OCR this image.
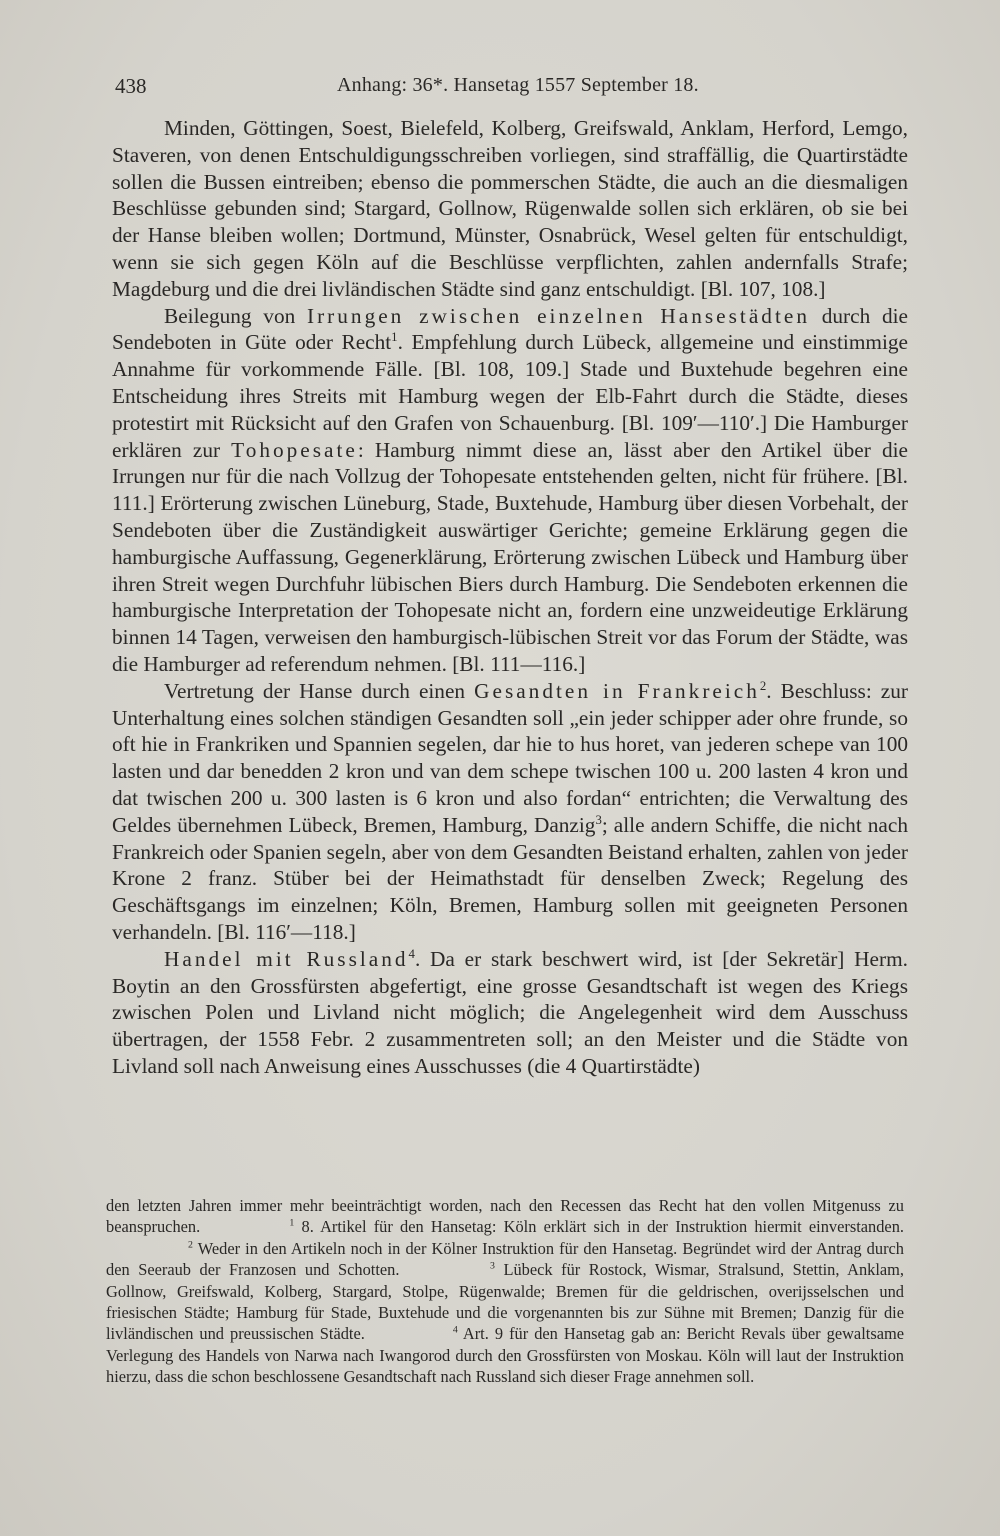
438	Anhang: 36*. Hansetag 1557 September 18.

Minden, Göttingen, Soest, Bielefeld, Kolberg, Greifswald, Anklam, Herford, Lemgo, Staveren, von denen Entschuldigungsschreiben vorliegen, sind straffällig, die Quartirstädte sollen die Bussen eintreiben; ebenso die pommerschen Städte, die auch an die diesmaligen Beschlüsse gebunden sind; Stargard, Gollnow, Rügenwalde sollen sich erklären, ob sie bei der Hanse bleiben wollen; Dortmund, Münster, Osnabrück, Wesel gelten für entschuldigt, wenn sie sich gegen Köln auf die Beschlüsse verpflichten, zahlen andernfalls Strafe; Magdeburg und die drei livländischen Städte sind ganz entschuldigt. [Bl. 107, 108.]

Beilegung von Irrungen zwischen einzelnen Hansestädten durch die Sendeboten in Güte oder Recht$^1$. Empfehlung durch Lübeck, allgemeine und einstimmige Annahme für vorkommende Fälle. [Bl. 108, 109.] Stade und Buxtehude begehren eine Entscheidung ihres Streits mit Hamburg wegen der Elb-Fahrt durch die Städte, dieses protestirt mit Rücksicht auf den Grafen von Schauenburg. [Bl. 109′—110′.] Die Hamburger erklären zur Tohopesate: Hamburg nimmt diese an, lässt aber den Artikel über die Irrungen nur für die nach Vollzug der Tohopesate entstehenden gelten, nicht für frühere. [Bl. 111.] Erörterung zwischen Lüneburg, Stade, Buxtehude, Hamburg über diesen Vorbehalt, der Sendeboten über die Zuständigkeit auswärtiger Gerichte; gemeine Erklärung gegen die hamburgische Auffassung, Gegenerklärung, Erörterung zwischen Lübeck und Hamburg über ihren Streit wegen Durchfuhr lübischen Biers durch Hamburg. Die Sendeboten erkennen die hamburgische Interpretation der Tohopesate nicht an, fordern eine unzweideutige Erklärung binnen 14 Tagen, verweisen den hamburgisch-lübischen Streit vor das Forum der Städte, was die Hamburger ad referendum nehmen. [Bl. 111—116.]

Vertretung der Hanse durch einen Gesandten in Frankreich$^2$. Beschluss: zur Unterhaltung eines solchen ständigen Gesandten soll „ein jeder schipper ader ohre frunde, so oft hie in Frankriken und Spannien segelen, dar hie to hus horet, van jederen schepe van 100 lasten und dar benedden 2 kron und van dem schepe twischen 100 u. 200 lasten 4 kron und dat twischen 200 u. 300 lasten is 6 kron und also fordan“ entrichten; die Verwaltung des Geldes übernehmen Lübeck, Bremen, Hamburg, Danzig$^3$; alle andern Schiffe, die nicht nach Frankreich oder Spanien segeln, aber von dem Gesandten Beistand erhalten, zahlen von jeder Krone 2 franz. Stüber bei der Heimathstadt für denselben Zweck; Regelung des Geschäftsgangs im einzelnen; Köln, Bremen, Hamburg sollen mit geeigneten Personen verhandeln. [Bl. 116′—118.]

Handel mit Russland$^4$. Da er stark beschwert wird, ist [der Sekretär] Herm. Boytin an den Grossfürsten abgefertigt, eine grosse Gesandtschaft ist wegen des Kriegs zwischen Polen und Livland nicht möglich; die Angelegenheit wird dem Ausschuss übertragen, der 1558 Febr. 2 zusammentreten soll; an den Meister und die Städte von Livland soll nach Anweisung eines Ausschusses (die 4 Quartirstädte)

den letzten Jahren immer mehr beeinträchtigt worden, nach den Recessen das Recht hat den vollen Mitgenuss zu beanspruchen.      	$^1$ 8. Artikel für den Hansetag: Köln erklärt sich in der Instruktion hiermit einverstanden.      $^2$ Weder in den Artikeln noch in der Kölner Instruktion für den Hansetag. Begründet wird der Antrag durch den Seeraub der Franzosen und Schotten.      	$^3$ Lübeck für Rostock, Wismar, Stralsund, Stettin, Anklam, Gollnow, Greifswald, Kolberg, Stargard, Stolpe, Rügenwalde; Bremen für die geldrischen, overijsselschen und friesischen Städte; Hamburg für Stade, Buxtehude und die vorgenannten bis zur Sühne mit Bremen; Danzig für die livländischen und preussischen Städte.      	$^4$ Art. 9 für den Hansetag gab an: Bericht Revals über gewaltsame Verlegung des Handels von Narwa nach Iwangorod durch den Grossfürsten von Moskau. Köln will laut der Instruktion hierzu, dass die schon beschlossene Gesandtschaft nach Russland sich dieser Frage annehmen soll.
